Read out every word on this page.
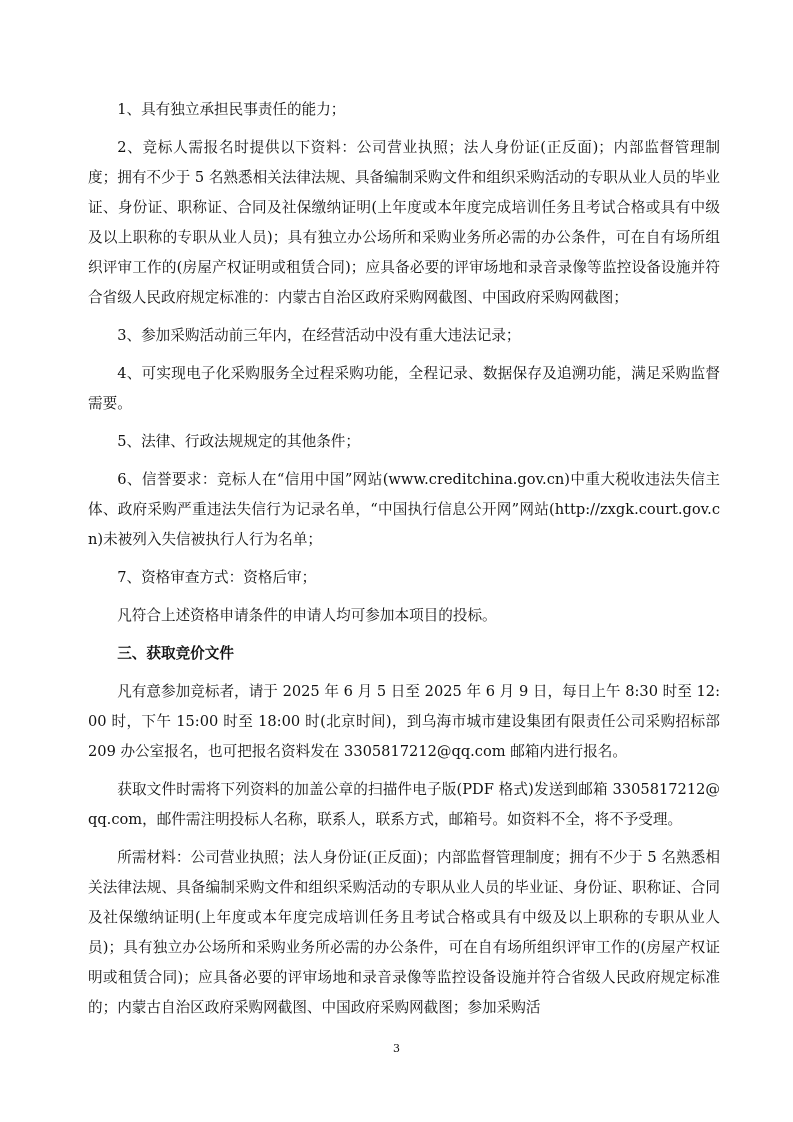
1、具有独立承担民事责任的能力；

2、竞标人需报名时提供以下资料：公司营业执照；法人身份证(正反面)；内部监督管理制度；拥有不少于 5 名熟悉相关法律法规、具备编制采购文件和组织采购活动的专职从业人员的毕业证、身份证、职称证、合同及社保缴纳证明(上年度或本年度完成培训任务且考试合格或具有中级及以上职称的专职从业人员)；具有独立办公场所和采购业务所必需的办公条件，可在自有场所组织评审工作的(房屋产权证明或租赁合同)；应具备必要的评审场地和录音录像等监控设备设施并符合省级人民政府规定标准的：内蒙古自治区政府采购网截图、中国政府采购网截图；

3、参加采购活动前三年内，在经营活动中没有重大违法记录；

4、可实现电子化采购服务全过程采购功能，全程记录、数据保存及追溯功能，满足采购监督需要。

5、法律、行政法规规定的其他条件；

6、信誉要求：竞标人在“信用中国”网站(www.creditchina.gov.cn)中重大税收违法失信主体、政府采购严重违法失信行为记录名单，“中国执行信息公开网”网站(http://zxgk.court.gov.cn)未被列入失信被执行人行为名单；

7、资格审查方式：资格后审；

凡符合上述资格申请条件的申请人均可参加本项目的投标。

三、获取竞价文件

凡有意参加竞标者，请于 2025 年 6 月 5 日至 2025 年 6 月 9 日，每日上午 8:30 时至 12:00 时，下午 15:00 时至 18:00 时(北京时间)，到乌海市城市建设集团有限责任公司采购招标部 209 办公室报名，也可把报名资料发在 3305817212@qq.com 邮箱内进行报名。

获取文件时需将下列资料的加盖公章的扫描件电子版(PDF 格式)发送到邮箱 3305817212@qq.com，邮件需注明投标人名称，联系人，联系方式，邮箱号。如资料不全，将不予受理。

所需材料：公司营业执照；法人身份证(正反面)；内部监督管理制度；拥有不少于 5 名熟悉相关法律法规、具备编制采购文件和组织采购活动的专职从业人员的毕业证、身份证、职称证、合同及社保缴纳证明(上年度或本年度完成培训任务且考试合格或具有中级及以上职称的专职从业人员)；具有独立办公场所和采购业务所必需的办公条件，可在自有场所组织评审工作的(房屋产权证明或租赁合同)；应具备必要的评审场地和录音录像等监控设备设施并符合省级人民政府规定标准的；内蒙古自治区政府采购网截图、中国政府采购网截图；参加采购活

3
